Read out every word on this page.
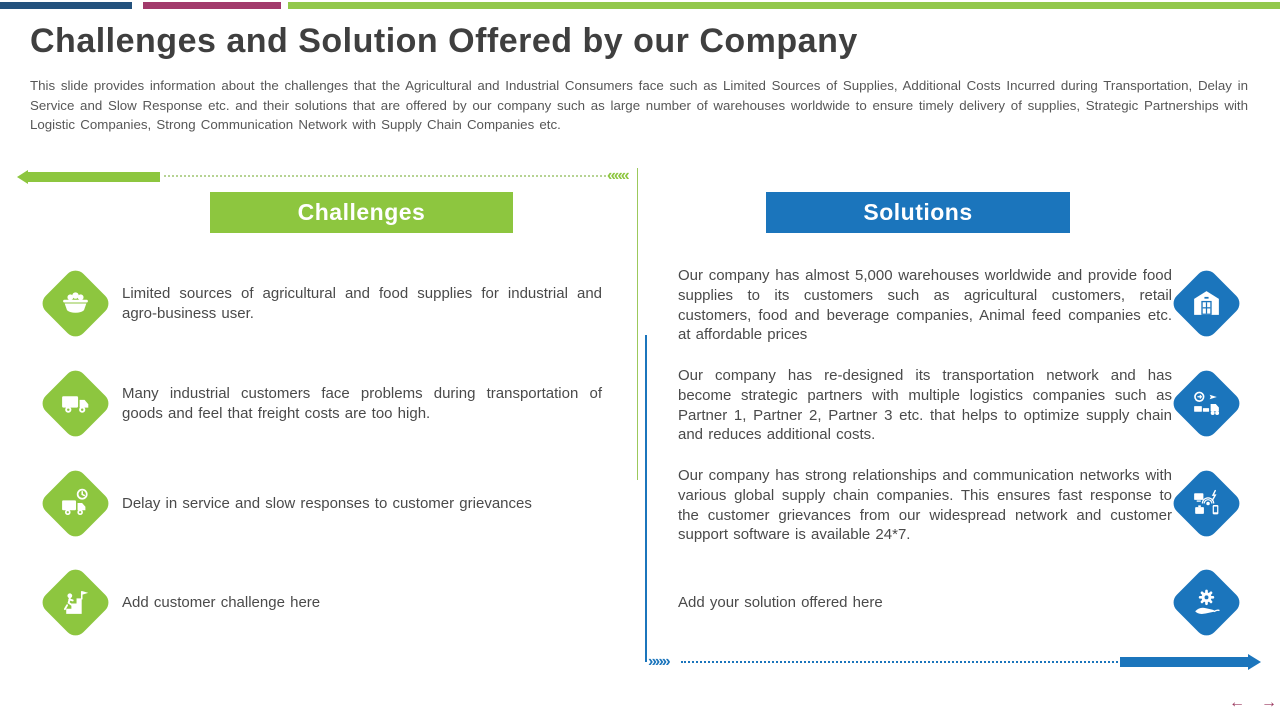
Challenges and Solution Offered by our Company
This slide provides information about the challenges that the Agricultural and Industrial Consumers face such as Limited Sources of Supplies, Additional Costs Incurred during Transportation, Delay in Service and Slow Response etc. and their solutions that are offered by our company such as large number of warehouses worldwide to ensure timely delivery of supplies, Strategic Partnerships with Logistic Companies, Strong Communication Network with Supply Chain Companies etc.
«««
Challenges	Solutions

Limited sources of agricultural and food supplies for industrial and agro-business user.

Many industrial customers face problems during transportation of goods and feel that freight costs are too high.

Delay in service and slow responses to customer grievances

Add customer challenge here

Our company has almost 5,000 warehouses worldwide and provide food supplies to its customers such as agricultural customers, retail customers, food and beverage companies, Animal feed companies etc. at affordable prices

Our company has re-designed its transportation network and has become strategic partners with multiple logistics companies such as Partner 1, Partner 2, Partner 3 etc. that helps to optimize supply chain and reduces additional costs.

Our company has strong relationships and communication networks with various global supply chain companies. This ensures fast response to the customer grievances from our widespread network and customer support software is available 24*7.

Add your solution offered here

»»»
← →
